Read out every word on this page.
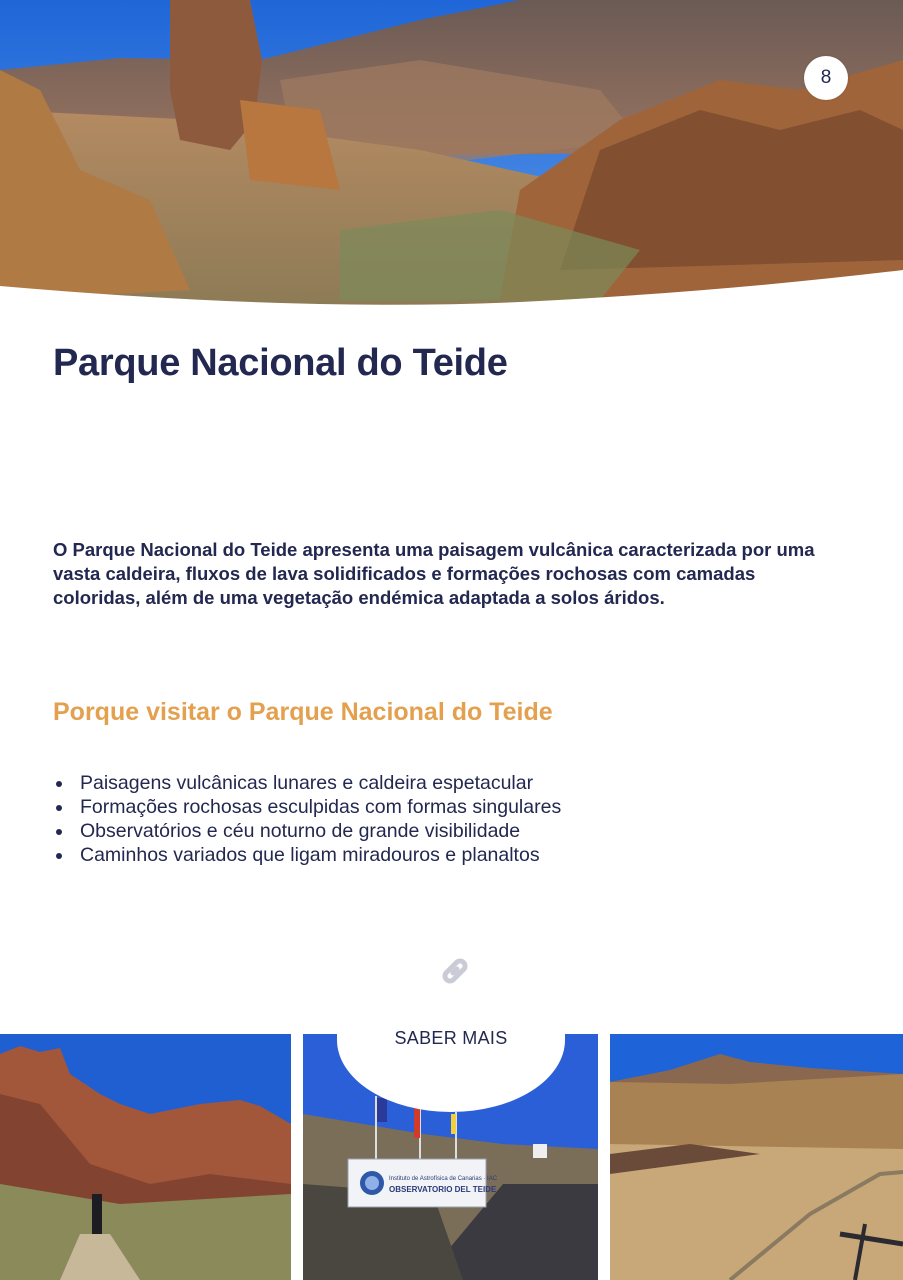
8
Parque Nacional do Teide

O Parque Nacional do Teide apresenta uma paisagem vulcânica caracterizada por uma vasta caldeira, fluxos de lava solidificados e formações rochosas com camadas coloridas, além de uma vegetação endémica adaptada a solos áridos.

Porque visitar o Parque Nacional do Teide
Paisagens vulcânicas lunares e caldeira espetacular
Formações rochosas esculpidas com formas singulares
Observatórios e céu noturno de grande visibilidade
Caminhos variados que ligam miradouros e planaltos
Instituto de Astrofísica de Canarias · IAC
OBSERVATORIO DEL TEIDE
SABER MAIS
